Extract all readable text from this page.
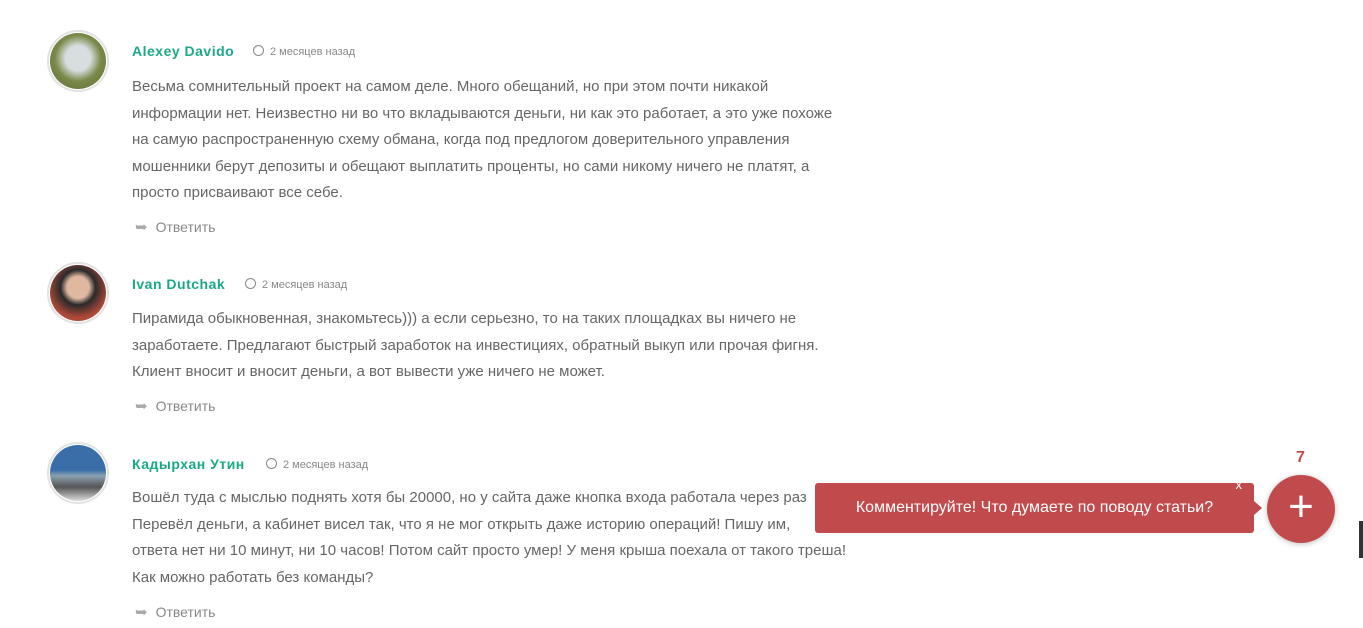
Alexey Davido	2 месяцев назад
Весьма сомнительный проект на самом деле. Много обещаний, но при этом почти никакой
информации нет. Неизвестно ни во что вкладываются деньги, ни как это работает, а это уже похоже
на самую распространенную схему обмана, когда под предлогом доверительного управления
мошенники берут депозиты и обещают выплатить проценты, но сами никому ничего не платят, а
просто присваивают все себе.
➥ Ответить
Ivan Dutchak	2 месяцев назад
Пирамида обыкновенная, знакомьтесь))) а если серьезно, то на таких площадках вы ничего не
заработаете. Предлагают быстрый заработок на инвестициях, обратный выкуп или прочая фигня.
Клиент вносит и вносит деньги, а вот вывести уже ничего не может.
➥ Ответить
Кадырхан Утин	2 месяцев назад
Вошёл туда с мыслью поднять хотя бы 20000, но у сайта даже кнопка входа работала через раз
Перевёл деньги, а кабинет висел так, что я не мог открыть даже историю операций! Пишу им,
ответа нет ни 10 минут, ни 10 часов! Потом сайт просто умер! У меня крыша поехала от такого треша!
Как можно работать без команды?
➥ Ответить
Комментируйте! Что думаете по поводу статьи?
x
7
+
